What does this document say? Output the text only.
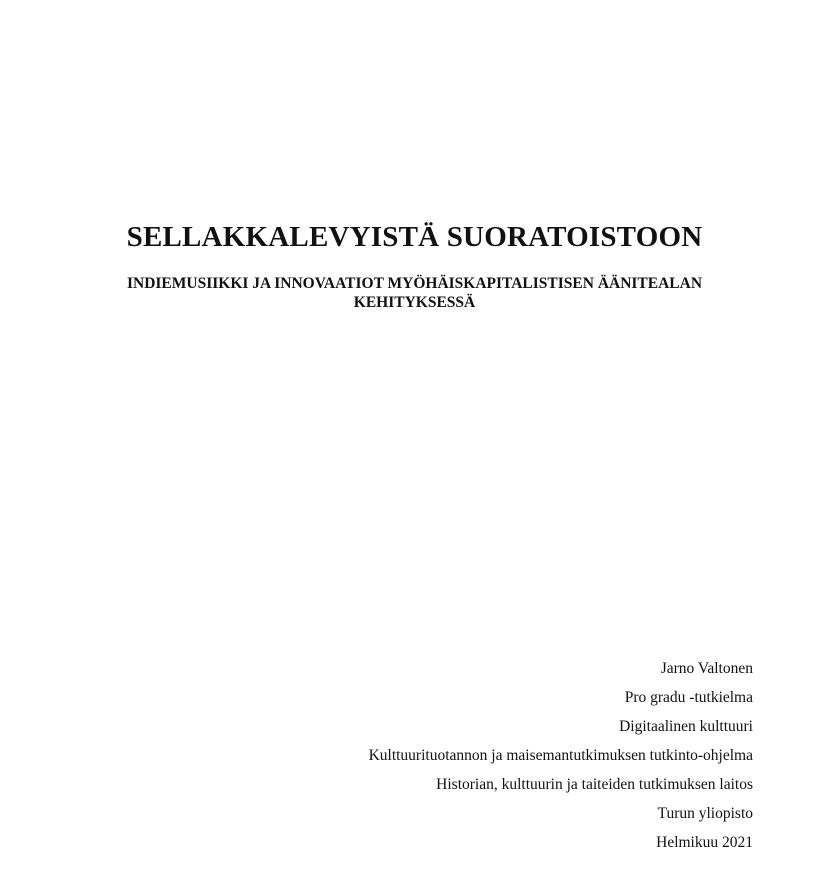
SELLAKKALEVYISTÄ SUORATOISTOON
INDIEMUSIIKKI JA INNOVAATIOT MYÖHÄISKAPITALISTISEN ÄÄNITEALAN
KEHITYKSESSÄ
Jarno Valtonen
Pro gradu -tutkielma
Digitaalinen kulttuuri
Kulttuurituotannon ja maisemantutkimuksen tutkinto-ohjelma
Historian, kulttuurin ja taiteiden tutkimuksen laitos
Turun yliopisto
Helmikuu 2021
